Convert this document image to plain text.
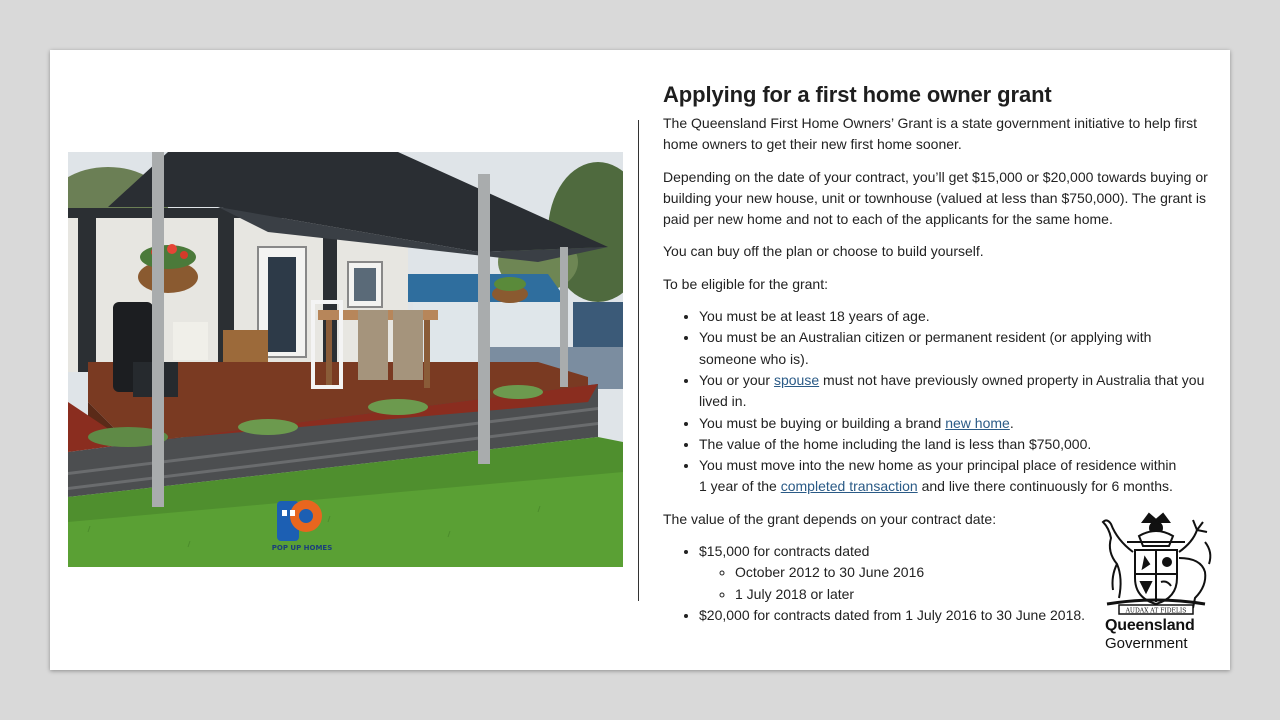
POP UP HOMES
Applying for a first home owner grant

The Queensland First Home Owners’ Grant is a state government initiative to help first home owners to get their new first home sooner.

Depending on the date of your contract, you’ll get $15,000 or $20,000 towards buying or building your new house, unit or townhouse (valued at less than $750,000). The grant is paid per new home and not to each of the applicants for the same home.

You can buy off the plan or choose to build yourself.

To be eligible for the grant:

• You must be at least 18 years of age.
• You must be an Australian citizen or permanent resident (or applying with someone who is).
• You or your spouse must not have previously owned property in Australia that you lived in.
• You must be buying or building a brand new home.
• The value of the home including the land is less than $750,000.
• You must move into the new home as your principal place of residence within 1 year of the completed transaction and live there continuously for 6 months.

The value of the grant depends on your contract date:

• $15,000 for contracts dated
◦ October 2012 to 30 June 2016
◦ 1 July 2018 or later
• $20,000 for contracts dated from 1 July 2016 to 30 June 2018.	AUDAX AT FIDELIS
Queensland
Government
